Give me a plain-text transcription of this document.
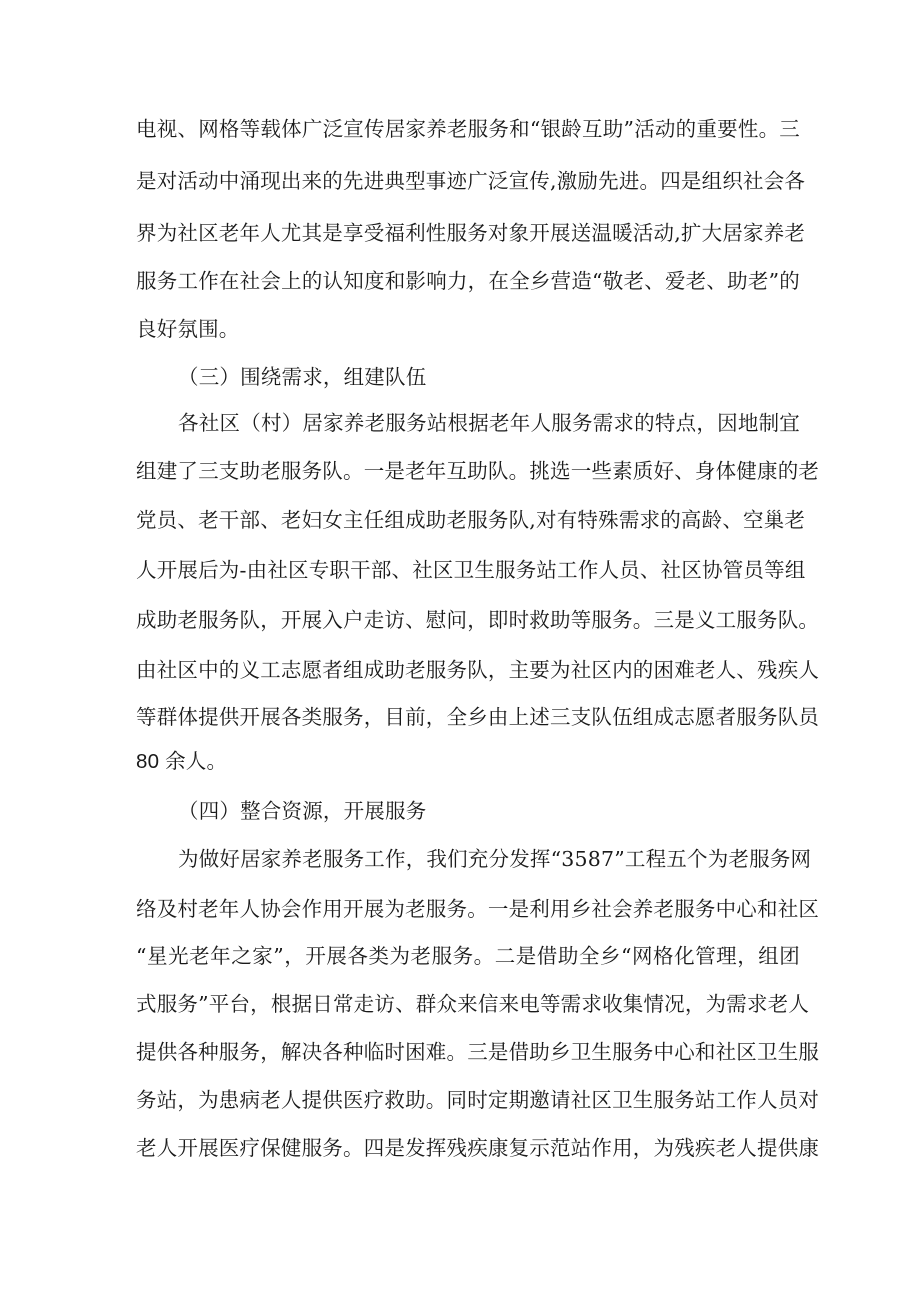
电视、网格等载体广泛宣传居家养老服务和“银龄互助”活动的重要性。三
是对活动中涌现出来的先进典型事迹广泛宣传,激励先进。四是组织社会各
界为社区老年人尤其是享受福利性服务对象开展送温暖活动,扩大居家养老
服务工作在社会上的认知度和影响力，在全乡营造“敬老、爱老、助老”的
良好氛围。
（三）围绕需求，组建队伍
各社区（村）居家养老服务站根据老年人服务需求的特点，因地制宜
组建了三支助老服务队。一是老年互助队。挑选一些素质好、身体健康的老
党员、老干部、老妇女主任组成助老服务队,对有特殊需求的高龄、空巢老
人开展后为-由社区专职干部、社区卫生服务站工作人员、社区协管员等组
成助老服务队，开展入户走访、慰问，即时救助等服务。三是义工服务队。
由社区中的义工志愿者组成助老服务队，主要为社区内的困难老人、残疾人
等群体提供开展各类服务，目前，全乡由上述三支队伍组成志愿者服务队员
80 余人。
（四）整合资源，开展服务
为做好居家养老服务工作，我们充分发挥“3587”工程五个为老服务网
络及村老年人协会作用开展为老服务。一是利用乡社会养老服务中心和社区
“星光老年之家”，开展各类为老服务。二是借助全乡“网格化管理，组团
式服务”平台，根据日常走访、群众来信来电等需求收集情况，为需求老人
提供各种服务，解决各种临时困难。三是借助乡卫生服务中心和社区卫生服
务站，为患病老人提供医疗救助。同时定期邀请社区卫生服务站工作人员对
老人开展医疗保健服务。四是发挥残疾康复示范站作用，为残疾老人提供康
